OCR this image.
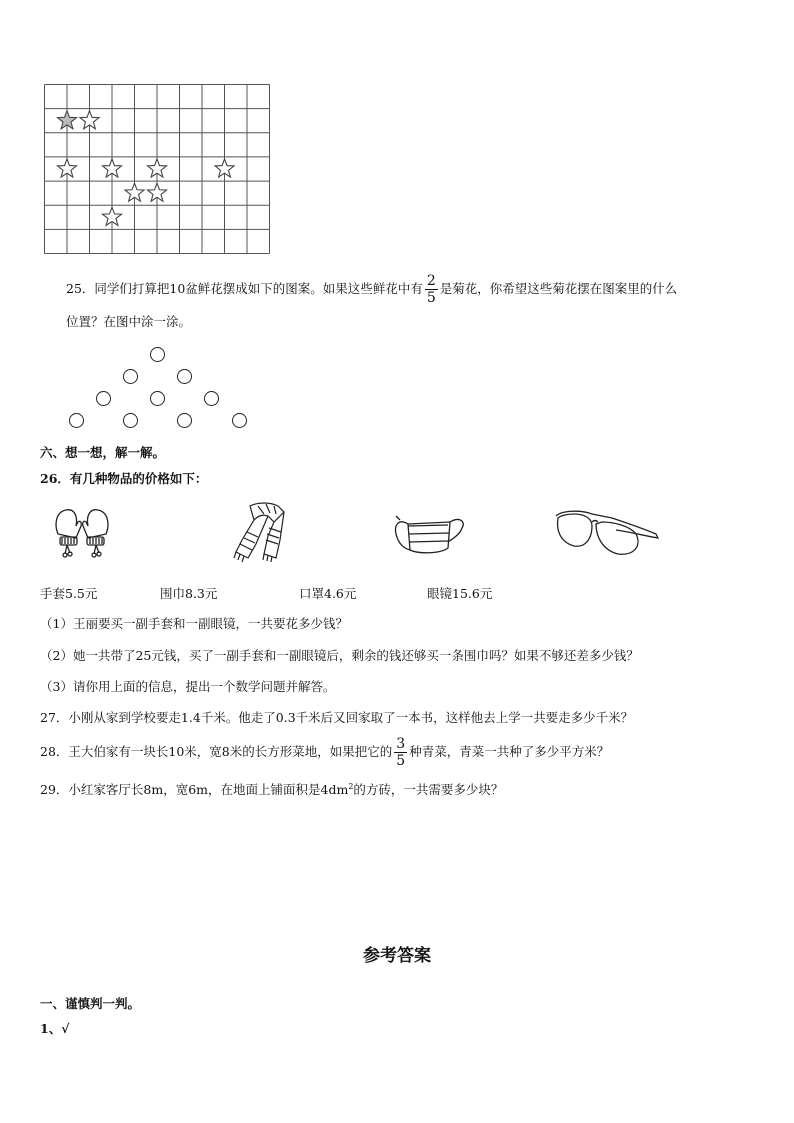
25．同学们打算把10盆鲜花摆成如下的图案。如果这些鲜花中有 $\frac{2}{5}$ 是菊花，你希望这些菊花摆在图案里的什么
位置？在图中涂一涂。
六、想一想，解一解。
26．有几种物品的价格如下：
手套5.5元	围巾8.3元	口罩4.6元	眼镜15.6元
（1）王丽要买一副手套和一副眼镜，一共要花多少钱？
（2）她一共带了25元钱，买了一副手套和一副眼镜后，剩余的钱还够买一条围巾吗？如果不够还差多少钱？
（3）请你用上面的信息，提出一个数学问题并解答。
27．小刚从家到学校要走1.4千米。他走了0.3千米后又回家取了一本书，这样他去上学一共要走多少千米？
28．王大伯家有一块长10米，宽8米的长方形菜地，如果把它的 $\frac{3}{5}$ 种青菜，青菜一共种了多少平方米？
29．小红家客厅长8m，宽6m，在地面上铺面积是$4dm^2$的方砖，一共需要多少块？
参考答案
一、谨慎判一判。
1、√
